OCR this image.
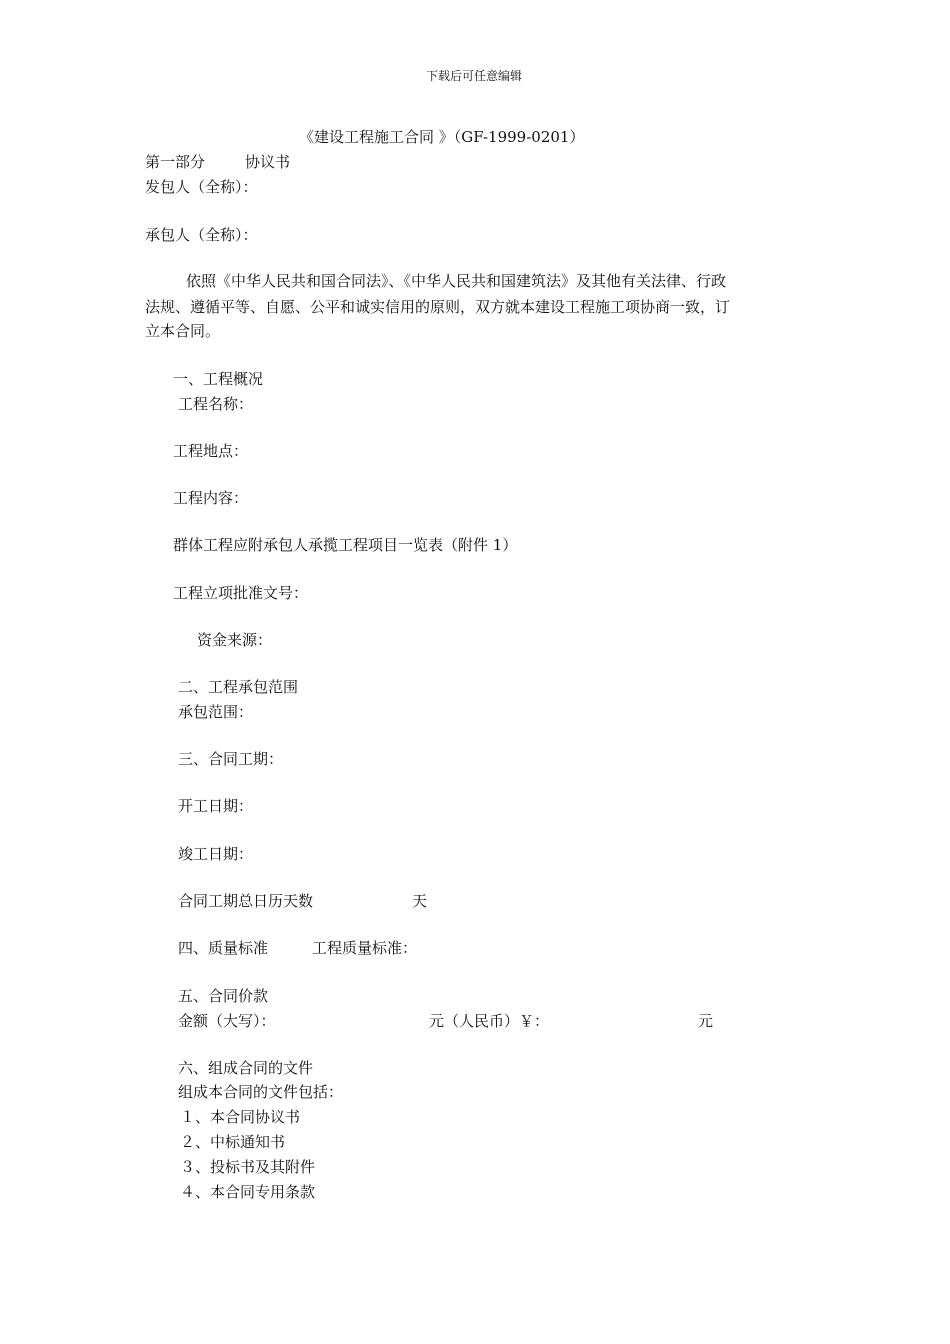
下载后可任意编辑
《建设工程施工合同 》（GF-1999-0201）
第一部分	协议书
发包人（全称）：
承包人（全称）：
依照《中华人民共和国合同法》、《中华人民共和国建筑法》及其他有关法律、行政
法规、遵循平等、自愿、公平和诚实信用的原则，双方就本建设工程施工项协商一致，订
立本合同。
一、工程概况
工程名称：
工程地点：
工程内容：
群体工程应附承包人承揽工程项目一览表（附件 1）
工程立项批准文号：
资金来源：
二、工程承包范围
承包范围：
三、合同工期：
开工日期：
竣工日期：
合同工期总日历天数	天
四、质量标准	工程质量标准：
五、合同价款
金额（大写）：	元（人民币）￥：	元
六、组成合同的文件
组成本合同的文件包括：
１、本合同协议书
２、中标通知书
３、投标书及其附件
４、本合同专用条款
